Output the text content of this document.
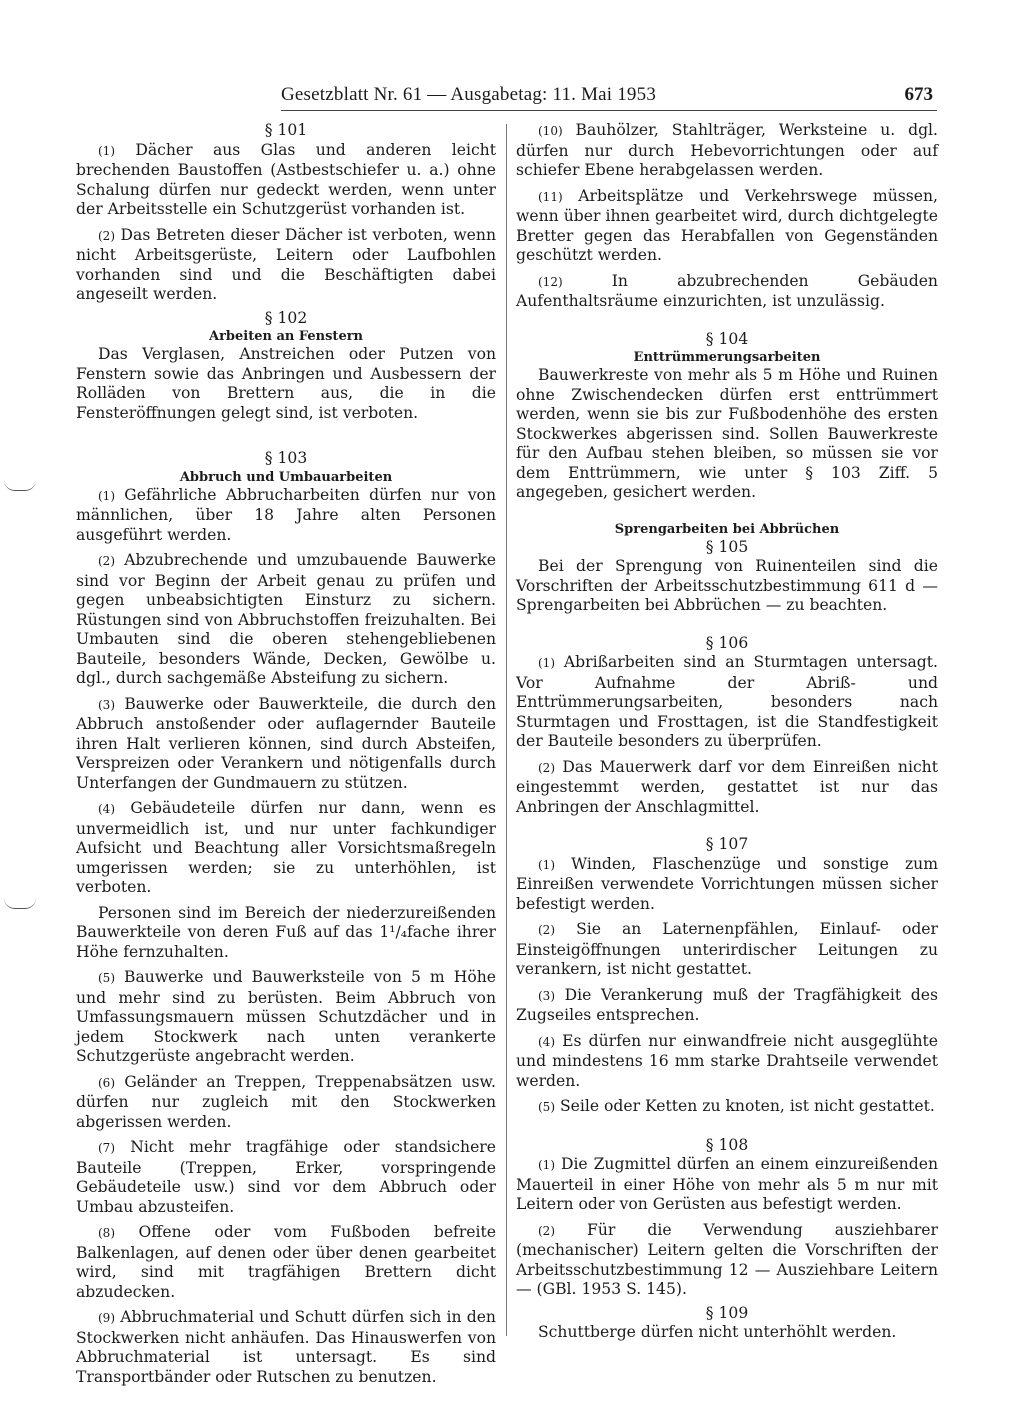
Gesetzblatt Nr. 61 — Ausgabetag: 11. Mai 1953	673

§ 101

(1) Dächer aus Glas und anderen leicht brechenden Baustoffen (Astbestschiefer u. a.) ohne Schalung dürfen nur gedeckt werden, wenn unter der Arbeitsstelle ein Schutzgerüst vorhanden ist.

(2) Das Betreten dieser Dächer ist verboten, wenn nicht Arbeitsgerüste, Leitern oder Laufbohlen vorhanden sind und die Beschäftigten dabei angeseilt werden.

§ 102

Arbeiten an Fenstern

Das Verglasen, Anstreichen oder Putzen von Fenstern sowie das Anbringen und Ausbessern der Rolläden von Brettern aus, die in die Fensteröffnungen gelegt sind, ist verboten.

§ 103

Abbruch und Umbauarbeiten

(1) Gefährliche Abbrucharbeiten dürfen nur von männlichen, über 18 Jahre alten Personen ausgeführt werden.

(2) Abzubrechende und umzubauende Bauwerke sind vor Beginn der Arbeit genau zu prüfen und gegen unbeabsichtigten Einsturz zu sichern. Rüstungen sind von Abbruchstoffen freizuhalten. Bei Umbauten sind die oberen stehengebliebenen Bauteile, besonders Wände, Decken, Gewölbe u. dgl., durch sachgemäße Absteifung zu sichern.

(3) Bauwerke oder Bauwerkteile, die durch den Abbruch anstoßender oder auflagernder Bauteile ihren Halt verlieren können, sind durch Absteifen, Verspreizen oder Verankern und nötigenfalls durch Unterfangen der Gundmauern zu stützen.

(4) Gebäudeteile dürfen nur dann, wenn es unvermeidlich ist, und nur unter fachkundiger Aufsicht und Beachtung aller Vorsichtsmaßregeln umgerissen werden; sie zu unterhöhlen, ist verboten.

Personen sind im Bereich der niederzureißenden Bauwerkteile von deren Fuß auf das 1¹/₄fache ihrer Höhe fernzuhalten.

(5) Bauwerke und Bauwerksteile von 5 m Höhe und mehr sind zu berüsten. Beim Abbruch von Umfassungsmauern müssen Schutzdächer und in jedem Stockwerk nach unten verankerte Schutzgerüste angebracht werden.

(6) Geländer an Treppen, Treppenabsätzen usw. dürfen nur zugleich mit den Stockwerken abgerissen werden.

(7) Nicht mehr tragfähige oder standsichere Bauteile (Treppen, Erker, vorspringende Gebäudeteile usw.) sind vor dem Abbruch oder Umbau abzusteifen.

(8) Offene oder vom Fußboden befreite Balkenlagen, auf denen oder über denen gearbeitet wird, sind mit tragfähigen Brettern dicht abzudecken.

(9) Abbruchmaterial und Schutt dürfen sich in den Stockwerken nicht anhäufen. Das Hinauswerfen von Abbruchmaterial ist untersagt. Es sind Transportbänder oder Rutschen zu benutzen.

(10) Bauhölzer, Stahlträger, Werksteine u. dgl. dürfen nur durch Hebevorrichtungen oder auf schiefer Ebene herabgelassen werden.

(11) Arbeitsplätze und Verkehrswege müssen, wenn über ihnen gearbeitet wird, durch dichtgelegte Bretter gegen das Herabfallen von Gegenständen geschützt werden.

(12)	In abzubrechenden Gebäuden Aufenthaltsräume einzurichten, ist unzulässig.

§ 104

Enttrümmerungsarbeiten

Bauwerkreste von mehr als 5 m Höhe und Ruinen ohne Zwischendecken dürfen erst enttrümmert werden, wenn sie bis zur Fußbodenhöhe des ersten Stockwerkes abgerissen sind. Sollen Bauwerkreste für den Aufbau stehen bleiben, so müssen sie vor dem Enttrümmern, wie unter § 103 Ziff. 5 angegeben, gesichert werden.

Sprengarbeiten bei Abbrüchen

§ 105

Bei der Sprengung von Ruinenteilen sind die Vorschriften der Arbeitsschutzbestimmung 611 d — Sprengarbeiten bei Abbrüchen — zu beachten.

§ 106

(1) Abrißarbeiten sind an Sturmtagen untersagt. Vor Aufnahme der Abriß- und Enttrümmerungsarbeiten, besonders nach Sturmtagen und Frosttagen, ist die Standfestigkeit der Bauteile besonders zu überprüfen.

(2) Das Mauerwerk darf vor dem Einreißen nicht eingestemmt werden, gestattet ist nur das Anbringen der Anschlagmittel.

§ 107

(1) Winden, Flaschenzüge und sonstige zum Einreißen verwendete Vorrichtungen müssen sicher befestigt werden.

(2) Sie an Laternenpfählen, Einlauf- oder Einsteigöffnungen unterirdischer Leitungen zu verankern, ist nicht gestattet.

(3) Die Verankerung muß der Tragfähigkeit des Zugseiles entsprechen.

(4) Es dürfen nur einwandfreie nicht ausgeglühte und mindestens 16 mm starke Drahtseile verwendet werden.

(5) Seile oder Ketten zu knoten, ist nicht gestattet.

§ 108

(1) Die Zugmittel dürfen an einem einzureißenden Mauerteil in einer Höhe von mehr als 5 m nur mit Leitern oder von Gerüsten aus befestigt werden.

(2) Für die Verwendung ausziehbarer (mechanischer) Leitern gelten die Vorschriften der Arbeitsschutzbestimmung 12 — Ausziehbare Leitern — (GBl. 1953 S. 145).

§ 109

Schuttberge dürfen nicht unterhöhlt werden.
